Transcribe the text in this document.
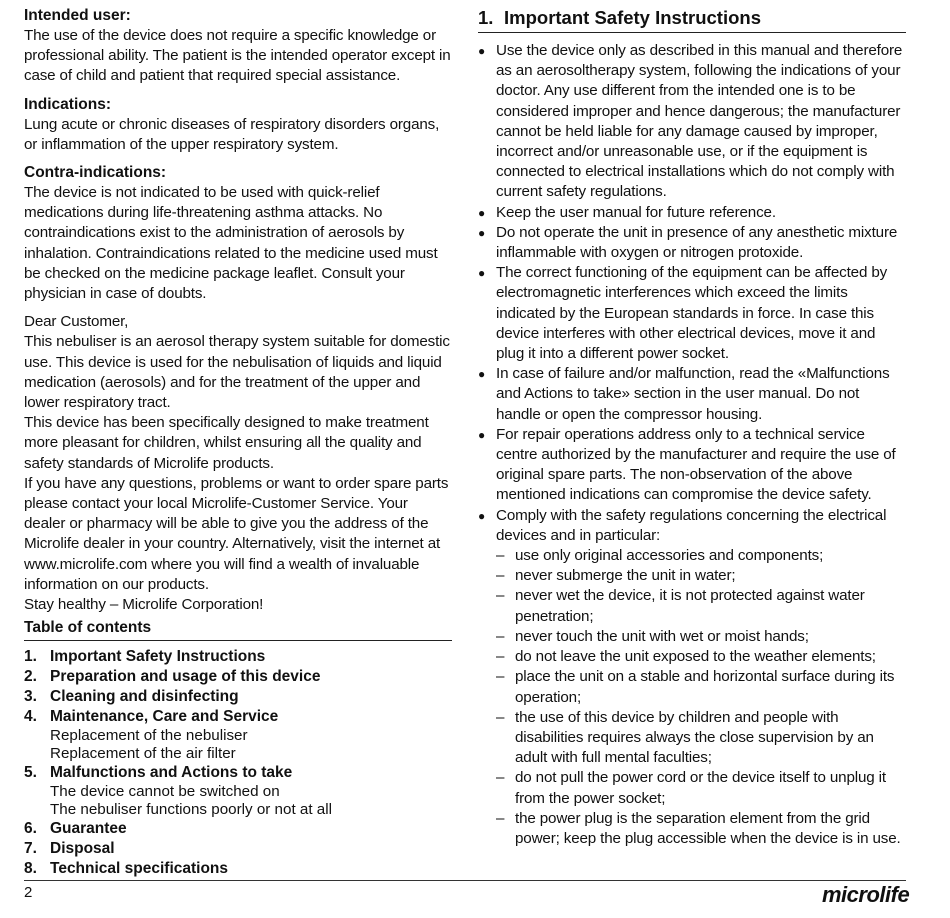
Intended user:
The use of the device does not require a specific knowledge or professional ability. The patient is the intended operator except in case of child and patient that required special assistance.
Indications:
Lung acute or chronic diseases of respiratory disorders organs, or inflammation of the upper respiratory system.
Contra-indications:
The device is not indicated to be used with quick-relief medications during life-threatening asthma attacks. No contraindications exist to the administration of aerosols by inhalation. Contraindications related to the medicine used must be checked on the medicine package leaflet. Consult your physician in case of doubts.
Dear Customer,
This nebuliser is an aerosol therapy system suitable for domestic use. This device is used for the nebulisation of liquids and liquid medication (aerosols) and for the treatment of the upper and lower respiratory tract.
This device has been specifically designed to make treatment more pleasant for children, whilst ensuring all the quality and safety standards of Microlife products.
If you have any questions, problems or want to order spare parts please contact your local Microlife-Customer Service. Your dealer or pharmacy will be able to give you the address of the Microlife dealer in your country. Alternatively, visit the internet at www.microlife.com where you will find a wealth of invaluable information on our products.
Stay healthy – Microlife Corporation!
Table of contents
1. Important Safety Instructions
2. Preparation and usage of this device
3. Cleaning and disinfecting
4. Maintenance, Care and Service
Replacement of the nebuliser
Replacement of the air filter
5. Malfunctions and Actions to take
The device cannot be switched on
The nebuliser functions poorly or not at all
6. Guarantee
7. Disposal
8. Technical specifications
1. Important Safety Instructions
● Use the device only as described in this manual and therefore as an aerosoltherapy system, following the indications of your doctor. Any use different from the intended one is to be considered improper and hence dangerous; the manufacturer cannot be held liable for any damage caused by improper, incorrect and/or unreasonable use, or if the equipment is connected to electrical installations which do not comply with current safety regulations.
● Keep the user manual for future reference.
● Do not operate the unit in presence of any anesthetic mixture inflammable with oxygen or nitrogen protoxide.
● The correct functioning of the equipment can be affected by electromagnetic interferences which exceed the limits indicated by the European standards in force. In case this device interferes with other electrical devices, move it and plug it into a different power socket.
● In case of failure and/or malfunction, read the «Malfunctions and Actions to take» section in the user manual. Do not handle or open the compressor housing.
● For repair operations address only to a technical service centre authorized by the manufacturer and require the use of original spare parts. The non-observation of the above mentioned indications can compromise the device safety.
● Comply with the safety regulations concerning the electrical devices and in particular:
– use only original accessories and components;
– never submerge the unit in water;
– never wet the device, it is not protected against water penetration;
– never touch the unit with wet or moist hands;
– do not leave the unit exposed to the weather elements;
– place the unit on a stable and horizontal surface during its operation;
– the use of this device by children and people with disabilities requires always the close supervision by an adult with full mental faculties;
– do not pull the power cord or the device itself to unplug it from the power socket;
– the power plug is the separation element from the grid power; keep the plug accessible when the device is in use.
2	microlife
